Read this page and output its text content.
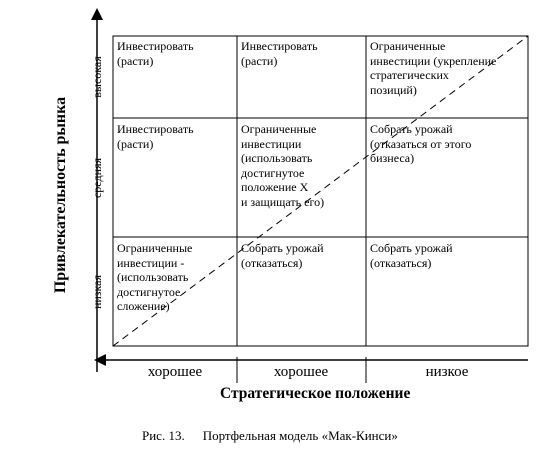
Инвестировать
(расти)
Инвестировать
(расти)
Ограниченные
инвестиции (укрепление
стратегических
позиций)
Инвестировать
(расти)
Ограниченные
инвестиции
(использовать
достигнутое
положение X
и защищать его)
Собрать урожай
(отказаться от этого
бизнеса)
Ограниченные
инвестиции -
(использовать
достигнутое
сложение)
Собрать урожай
(отказаться)
Собрать урожай
(отказаться)
высокая
средняя
низкая
Привлекательность рынка
хорошее	хорошее	низкое
Стратегическое положение
Рис. 13. Портфельная модель «Мак-Кинси»
